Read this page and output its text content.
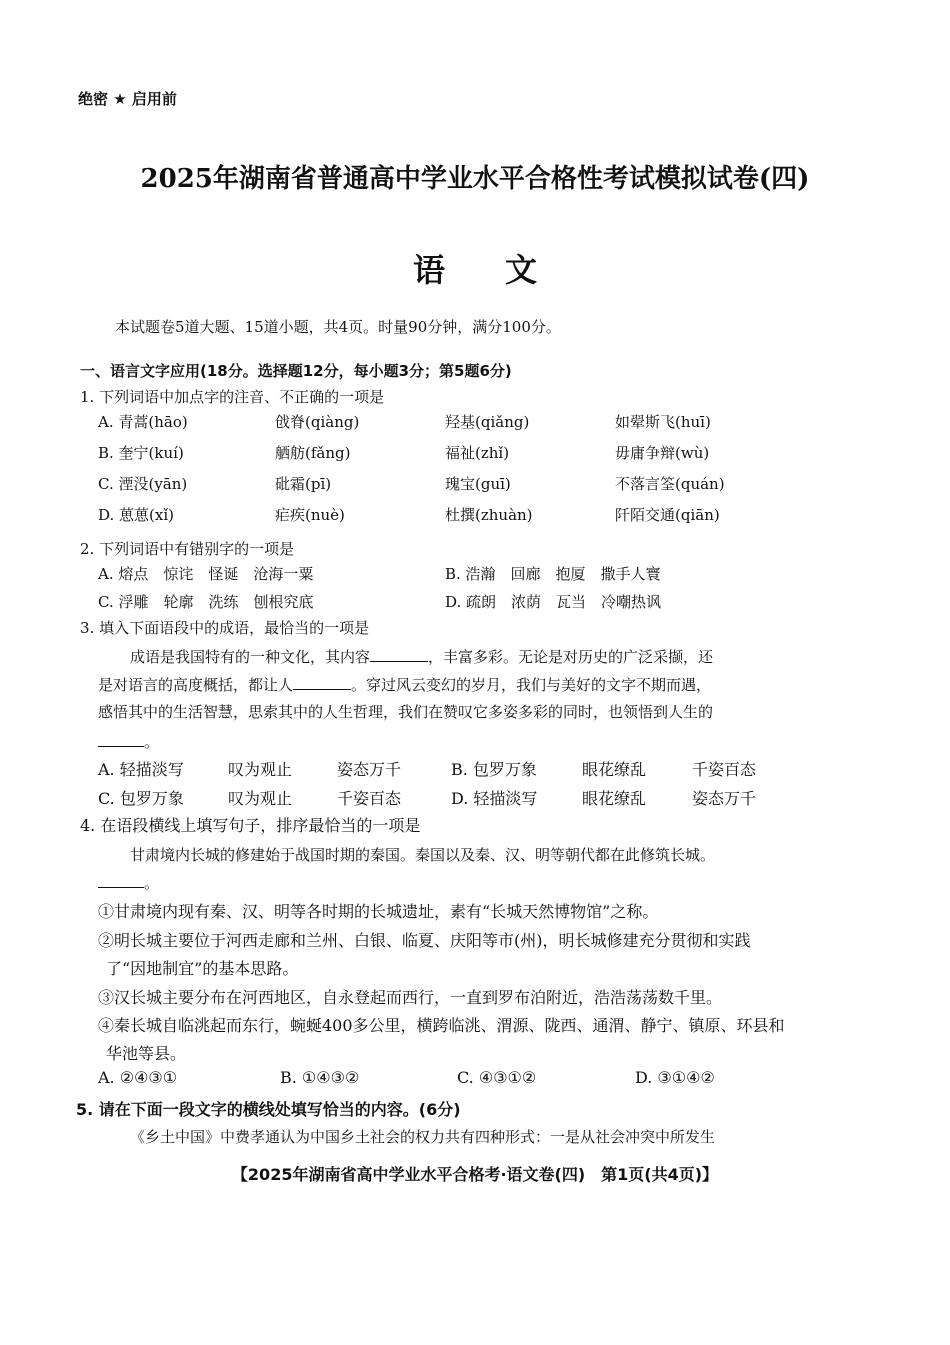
绝密 ★ 启用前
2025年湖南省普通高中学业水平合格性考试模拟试卷(四)
语文
本试题卷5道大题、15道小题，共4页。时量90分钟，满分100分。
一、语言文字应用(18分。选择题12分，每小题3分；第5题6分)
1. 下列词语中加点字的注音、不正确的一项是
A. 青蒿(hāo)	戗脊(qiàng)	羟基(qiǎng)	如翚斯飞(huī)
B. 奎宁(kuí)	舾舫(fǎng)	福祉(zhǐ)	毋庸争辩(wù)
C. 湮没(yān)	砒霜(pī)	瑰宝(guī)	不落言筌(quán)
D. 葸葸(xǐ)	疟疾(nuè)	杜撰(zhuàn)	阡陌交通(qiān)
2. 下列词语中有错别字的一项是
A. 熔点　惊诧　怪诞　沧海一粟	B. 浩瀚　回廊　抱厦　撒手人寰
C. 浮雕　轮廓　洗练　刨根究底	D. 疏朗　浓荫　瓦当　冷嘲热讽
3. 填入下面语段中的成语，最恰当的一项是
成语是我国特有的一种文化，其内容	，丰富多彩。无论是对历史的广泛采撷，还
是对语言的高度概括，都让人	。穿过风云变幻的岁月，我们与美好的文字不期而遇，
感悟其中的生活智慧，思索其中的人生哲理，我们在赞叹它多姿多彩的同时，也领悟到人生的
。
A. 轻描淡写	叹为观止	姿态万千	B. 包罗万象	眼花缭乱	千姿百态
C. 包罗万象	叹为观止	千姿百态	D. 轻描淡写	眼花缭乱	姿态万千
4. 在语段横线上填写句子，排序最恰当的一项是
甘肃境内长城的修建始于战国时期的秦国。秦国以及秦、汉、明等朝代都在此修筑长城。
。
①甘肃境内现有秦、汉、明等各时期的长城遗址，素有“长城天然博物馆”之称。
②明长城主要位于河西走廊和兰州、白银、临夏、庆阳等市(州)，明长城修建充分贯彻和实践
了“因地制宜”的基本思路。
③汉长城主要分布在河西地区，自永登起而西行，一直到罗布泊附近，浩浩荡荡数千里。
④秦长城自临洮起而东行，蜿蜒400多公里，横跨临洮、渭源、陇西、通渭、静宁、镇原、环县和
华池等县。
A. ②④③①	B. ①④③②	C. ④③①②	D. ③①④②
5. 请在下面一段文字的横线处填写恰当的内容。(6分)
《乡土中国》中费孝通认为中国乡土社会的权力共有四种形式：一是从社会冲突中所发生
【2025年湖南省高中学业水平合格考·语文卷(四)　第1页(共4页)】
